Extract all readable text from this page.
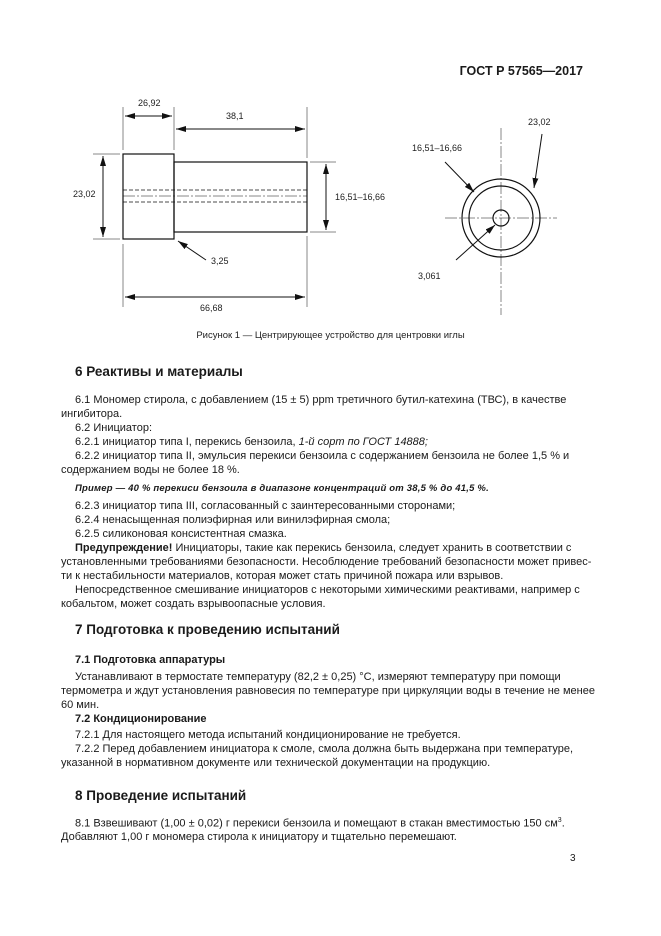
ГОСТ Р 57565—2017
26,92
38,1
23,02	16,51–16,66
3,25
66,68
23,02
16,51–16,66
3,061
Рисунок 1 — Центрирующее устройство для центровки иглы
6 Реактивы и материалы
6.1 Мономер стирола, с добавлением (15 ± 5) ppm третичного бутил-катехина (ТВС), в качестве
ингибитора.
6.2 Инициатор:
6.2.1 инициатор типа I, перекись бензоила, 1-й сорт по ГОСТ 14888;
6.2.2 инициатор типа II, эмульсия перекиси бензоила с содержанием бензоила не более 1,5 % и
содержанием воды не более 18 %.
Пример — 40 % перекиси бензоила в диапазоне концентраций от 38,5 % до 41,5 %.
6.2.3 инициатор типа III, согласованный с заинтересованными сторонами;
6.2.4 ненасыщенная полиэфирная или винилэфирная смола;
6.2.5 силиконовая консистентная смазка.
Предупреждение! Инициаторы, такие как перекись бензоила, следует хранить в соответствии с
установленными требованиями безопасности. Несоблюдение требований безопасности может привес-
ти к нестабильности материалов, которая может стать причиной пожара или взрывов.
Непосредственное смешивание инициаторов с некоторыми химическими реактивами, например с
кобальтом, может создать взрывоопасные условия.
7 Подготовка к проведению испытаний
7.1 Подготовка аппаратуры
Устанавливают в термостате температуру (82,2 ± 0,25) °С, измеряют температуру при помощи
термометра и ждут установления равновесия по температуре при циркуляции воды в течение не менее
60 мин.
7.2 Кондиционирование
7.2.1 Для настоящего метода испытаний кондиционирование не требуется.
7.2.2 Перед добавлением инициатора к смоле, смола должна быть выдержана при температуре,
указанной в нормативном документе или технической документации на продукцию.
8 Проведение испытаний
8.1 Взвешивают (1,00 ± 0,02) г перекиси бензоила и помещают в стакан вместимостью 150 $см^3$.
Добавляют 1,00 г мономера стирола к инициатору и тщательно перемешают.
3
